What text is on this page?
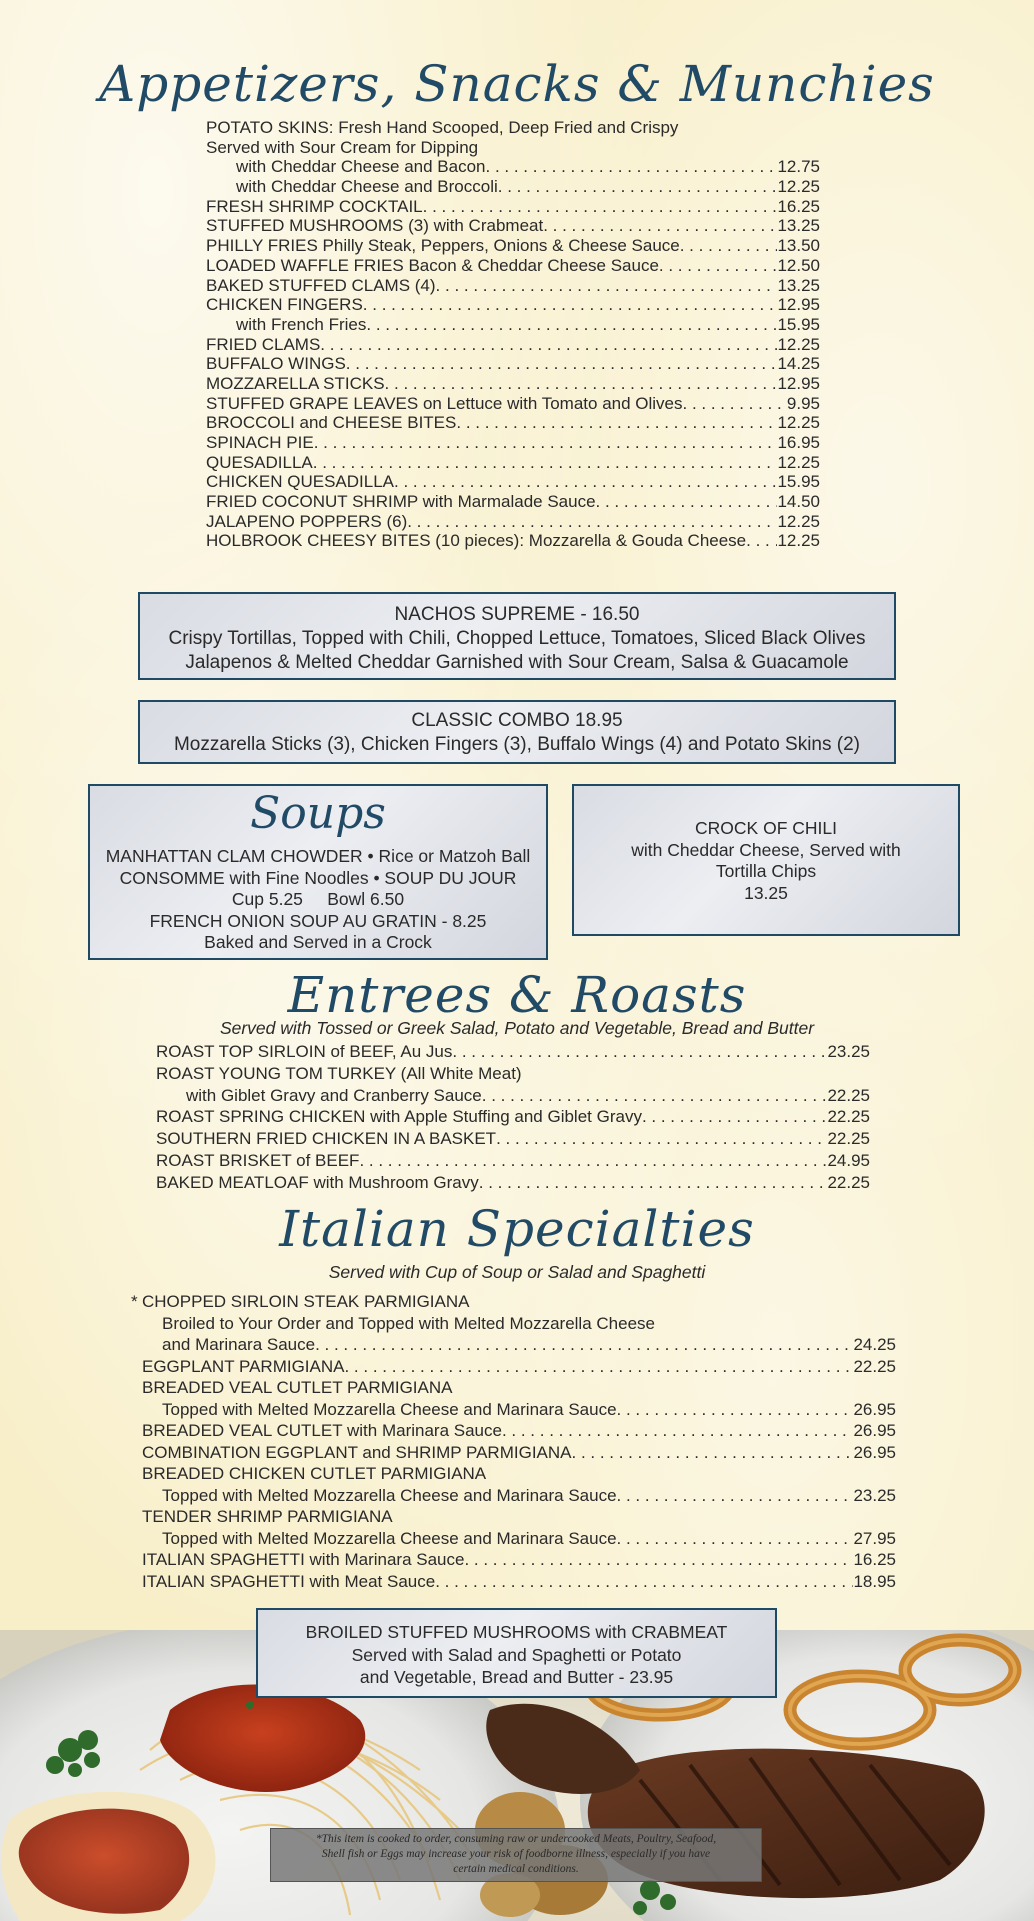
Appetizers, Snacks & Munchies
POTATO SKINS: Fresh Hand Scooped, Deep Fried and Crispy
Served with Sour Cream for Dipping
with Cheddar Cheese and Bacon . . .	12.75
with Cheddar Cheese and Broccoli . . .	12.25
FRESH SHRIMP COCKTAIL . . .	16.25
STUFFED MUSHROOMS (3) with Crabmeat . . .	13.25
PHILLY FRIES Philly Steak, Peppers, Onions & Cheese Sauce . . .	13.50
LOADED WAFFLE FRIES Bacon & Cheddar Cheese Sauce . . .	12.50
BAKED STUFFED CLAMS (4) . . .	13.25
CHICKEN FINGERS . . .	12.95
with French Fries . . .	15.95
FRIED CLAMS . . .	12.25
BUFFALO WINGS . . .	14.25
MOZZARELLA STICKS . . .	12.95
STUFFED GRAPE LEAVES on Lettuce with Tomato and Olives . . .	9.95
BROCCOLI and CHEESE BITES . . .	12.25
SPINACH PIE . . .	16.95
QUESADILLA . . .	12.25
CHICKEN QUESADILLA . . .	15.95
FRIED COCONUT SHRIMP with Marmalade Sauce . . .	14.50
JALAPENO POPPERS (6) . . .	12.25
HOLBROOK CHEESY BITES (10 pieces): Mozzarella & Gouda Cheese . . . 12.25
NACHOS SUPREME - 16.50
Crispy Tortillas, Topped with Chili, Chopped Lettuce, Tomatoes, Sliced Black Olives
Jalapenos & Melted Cheddar Garnished with Sour Cream, Salsa & Guacamole
CLASSIC COMBO 18.95
Mozzarella Sticks (3), Chicken Fingers (3), Buffalo Wings (4) and Potato Skins (2)
Soups
MANHATTAN CLAM CHOWDER • Rice or Matzoh Ball
CONSOMME with Fine Noodles • SOUP DU JOUR
Cup 5.25     Bowl 6.50
FRENCH ONION SOUP AU GRATIN - 8.25
Baked and Served in a Crock
CROCK OF CHILI
with Cheddar Cheese, Served with
Tortilla Chips
13.25
Entrees & Roasts
Served with Tossed or Greek Salad, Potato and Vegetable, Bread and Butter
ROAST TOP SIRLOIN of BEEF, Au Jus . . .	23.25
ROAST YOUNG TOM TURKEY (All White Meat)
with Giblet Gravy and Cranberry Sauce . . .	22.25
ROAST SPRING CHICKEN with Apple Stuffing and Giblet Gravy . . .	22.25
SOUTHERN FRIED CHICKEN IN A BASKET . . .	22.25
ROAST BRISKET of BEEF . . .	24.95
BAKED MEATLOAF with Mushroom Gravy . . .	22.25
Italian Specialties
Served with Cup of Soup or Salad and Spaghetti
* CHOPPED SIRLOIN STEAK PARMIGIANA
Broiled to Your Order and Topped with Melted Mozzarella Cheese
and Marinara Sauce . . .	24.25
EGGPLANT PARMIGIANA . . .	22.25
BREADED VEAL CUTLET PARMIGIANA
Topped with Melted Mozzarella Cheese and Marinara Sauce . . .	26.95
BREADED VEAL CUTLET with Marinara Sauce . . .	26.95
COMBINATION EGGPLANT and SHRIMP PARMIGIANA . . .	26.95
BREADED CHICKEN CUTLET PARMIGIANA
Topped with Melted Mozzarella Cheese and Marinara Sauce . . .	23.25
TENDER SHRIMP PARMIGIANA
Topped with Melted Mozzarella Cheese and Marinara Sauce . . .	27.95
ITALIAN SPAGHETTI with Marinara Sauce . . .	16.25
ITALIAN SPAGHETTI with Meat Sauce . . .	18.95
BROILED STUFFED MUSHROOMS with CRABMEAT
Served with Salad and Spaghetti or Potato
and Vegetable, Bread and Butter - 23.95
*This item is cooked to order, consuming raw or undercooked Meats, Poultry, Seafood,
Shell fish or Eggs may increase your risk of foodborne illness, especially if you have
certain medical conditions.
